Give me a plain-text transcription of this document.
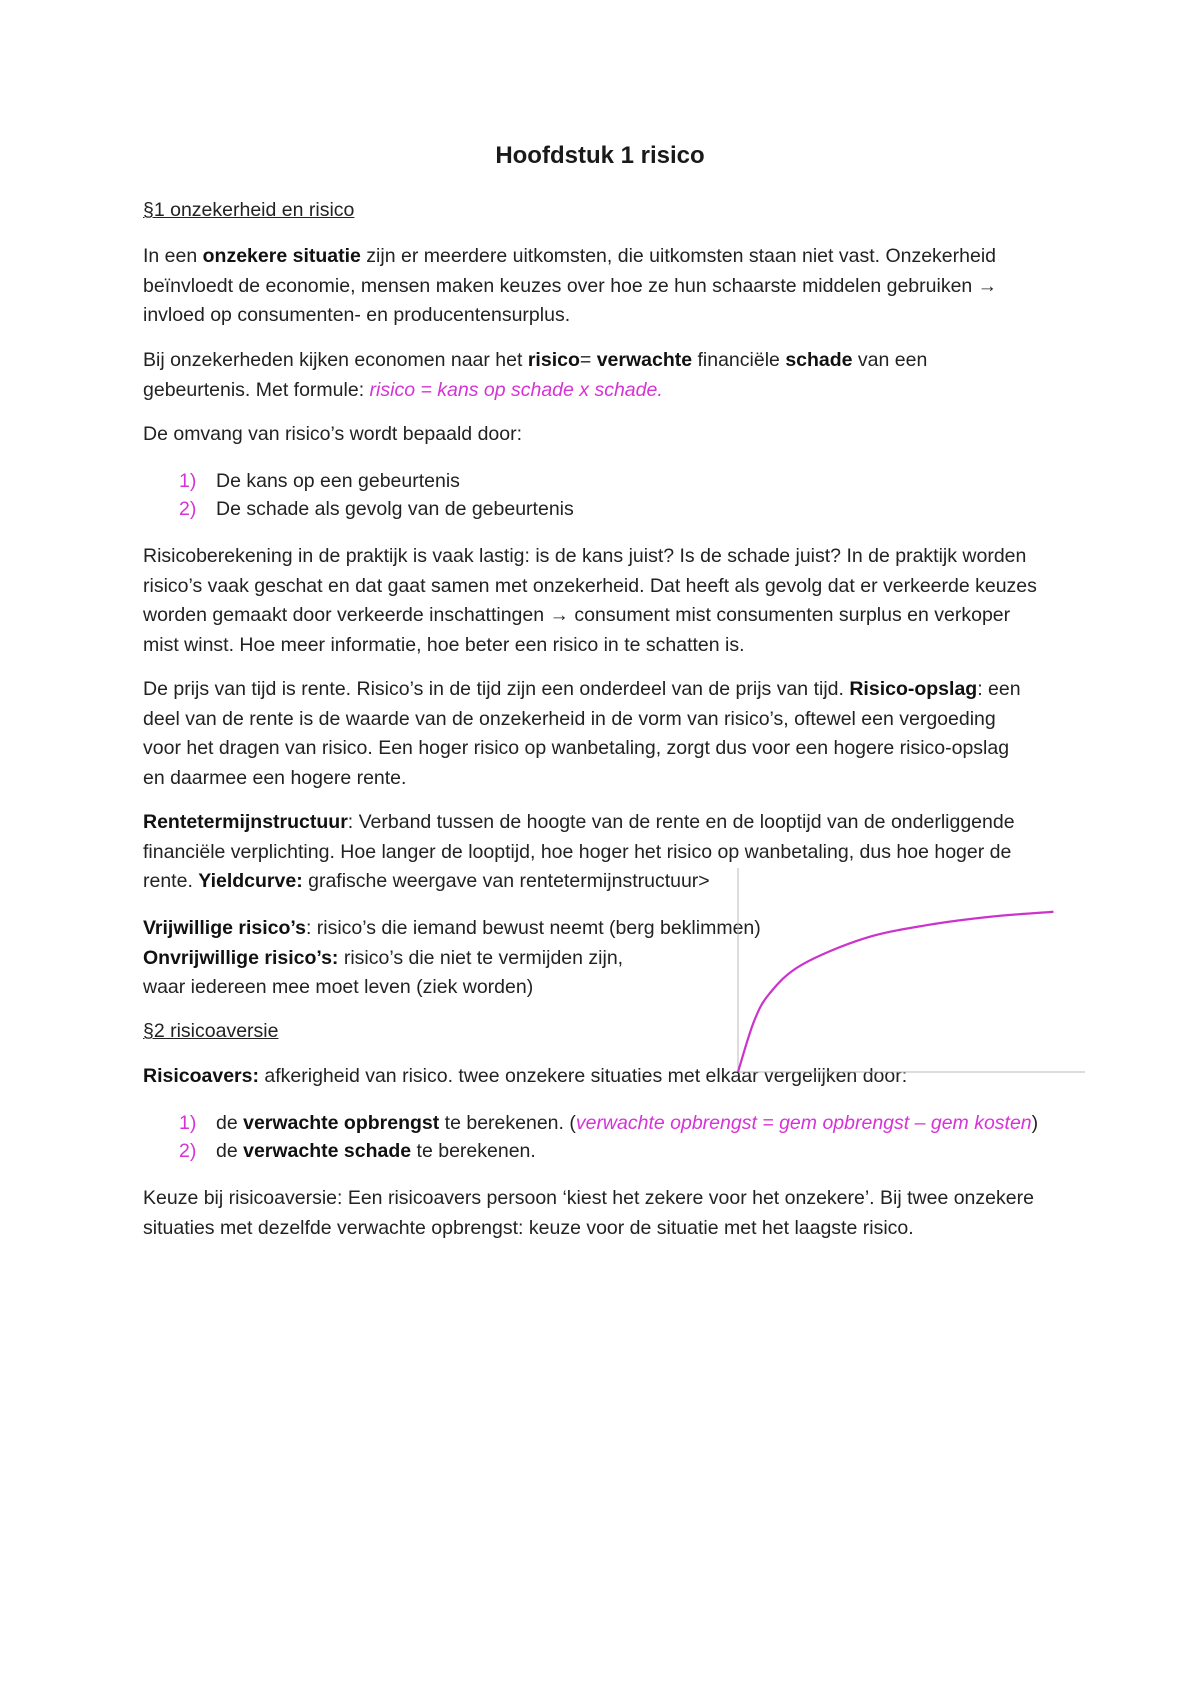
Hoofdstuk 1 risico
§1 onzekerheid en risico
In een onzekere situatie zijn er meerdere uitkomsten, die uitkomsten staan niet vast. Onzekerheid
beïnvloedt de economie, mensen maken keuzes over hoe ze hun schaarste middelen gebruiken →
invloed op consumenten- en producentensurplus.
Bij onzekerheden kijken economen naar het risico= verwachte financiële schade van een
gebeurtenis. Met formule: risico = kans op schade x schade.
De omvang van risico’s wordt bepaald door:
1) De kans op een gebeurtenis
2) De schade als gevolg van de gebeurtenis
Risicoberekening in de praktijk is vaak lastig: is de kans juist? Is de schade juist? In de praktijk worden
risico’s vaak geschat en dat gaat samen met onzekerheid. Dat heeft als gevolg dat er verkeerde keuzes
worden gemaakt door verkeerde inschattingen → consument mist consumenten surplus en verkoper
mist winst. Hoe meer informatie, hoe beter een risico in te schatten is.
De prijs van tijd is rente. Risico’s in de tijd zijn een onderdeel van de prijs van tijd. Risico-opslag: een
deel van de rente is de waarde van de onzekerheid in de vorm van risico’s, oftewel een vergoeding
voor het dragen van risico. Een hoger risico op wanbetaling, zorgt dus voor een hogere risico-opslag
en daarmee een hogere rente.
Rentetermijnstructuur: Verband tussen de hoogte van de rente en de looptijd van de onderliggende
financiële verplichting. Hoe langer de looptijd, hoe hoger het risico op wanbetaling, dus hoe hoger de
rente. Yieldcurve: grafische weergave van rentetermijnstructuur>
Vrijwillige risico’s: risico’s die iemand bewust neemt (berg beklimmen)
Onvrijwillige risico’s: risico’s die niet te vermijden zijn,
waar iedereen mee moet leven (ziek worden)
§2 risicoaversie
Risicoavers: afkerigheid van risico. twee onzekere situaties met elkaar vergelijken door:
1) de verwachte opbrengst te berekenen. (verwachte opbrengst = gem opbrengst – gem kosten)
2) de verwachte schade te berekenen.
Keuze bij risicoaversie: Een risicoavers persoon ‘kiest het zekere voor het onzekere’. Bij twee onzekere
situaties met dezelfde verwachte opbrengst: keuze voor de situatie met het laagste risico.
